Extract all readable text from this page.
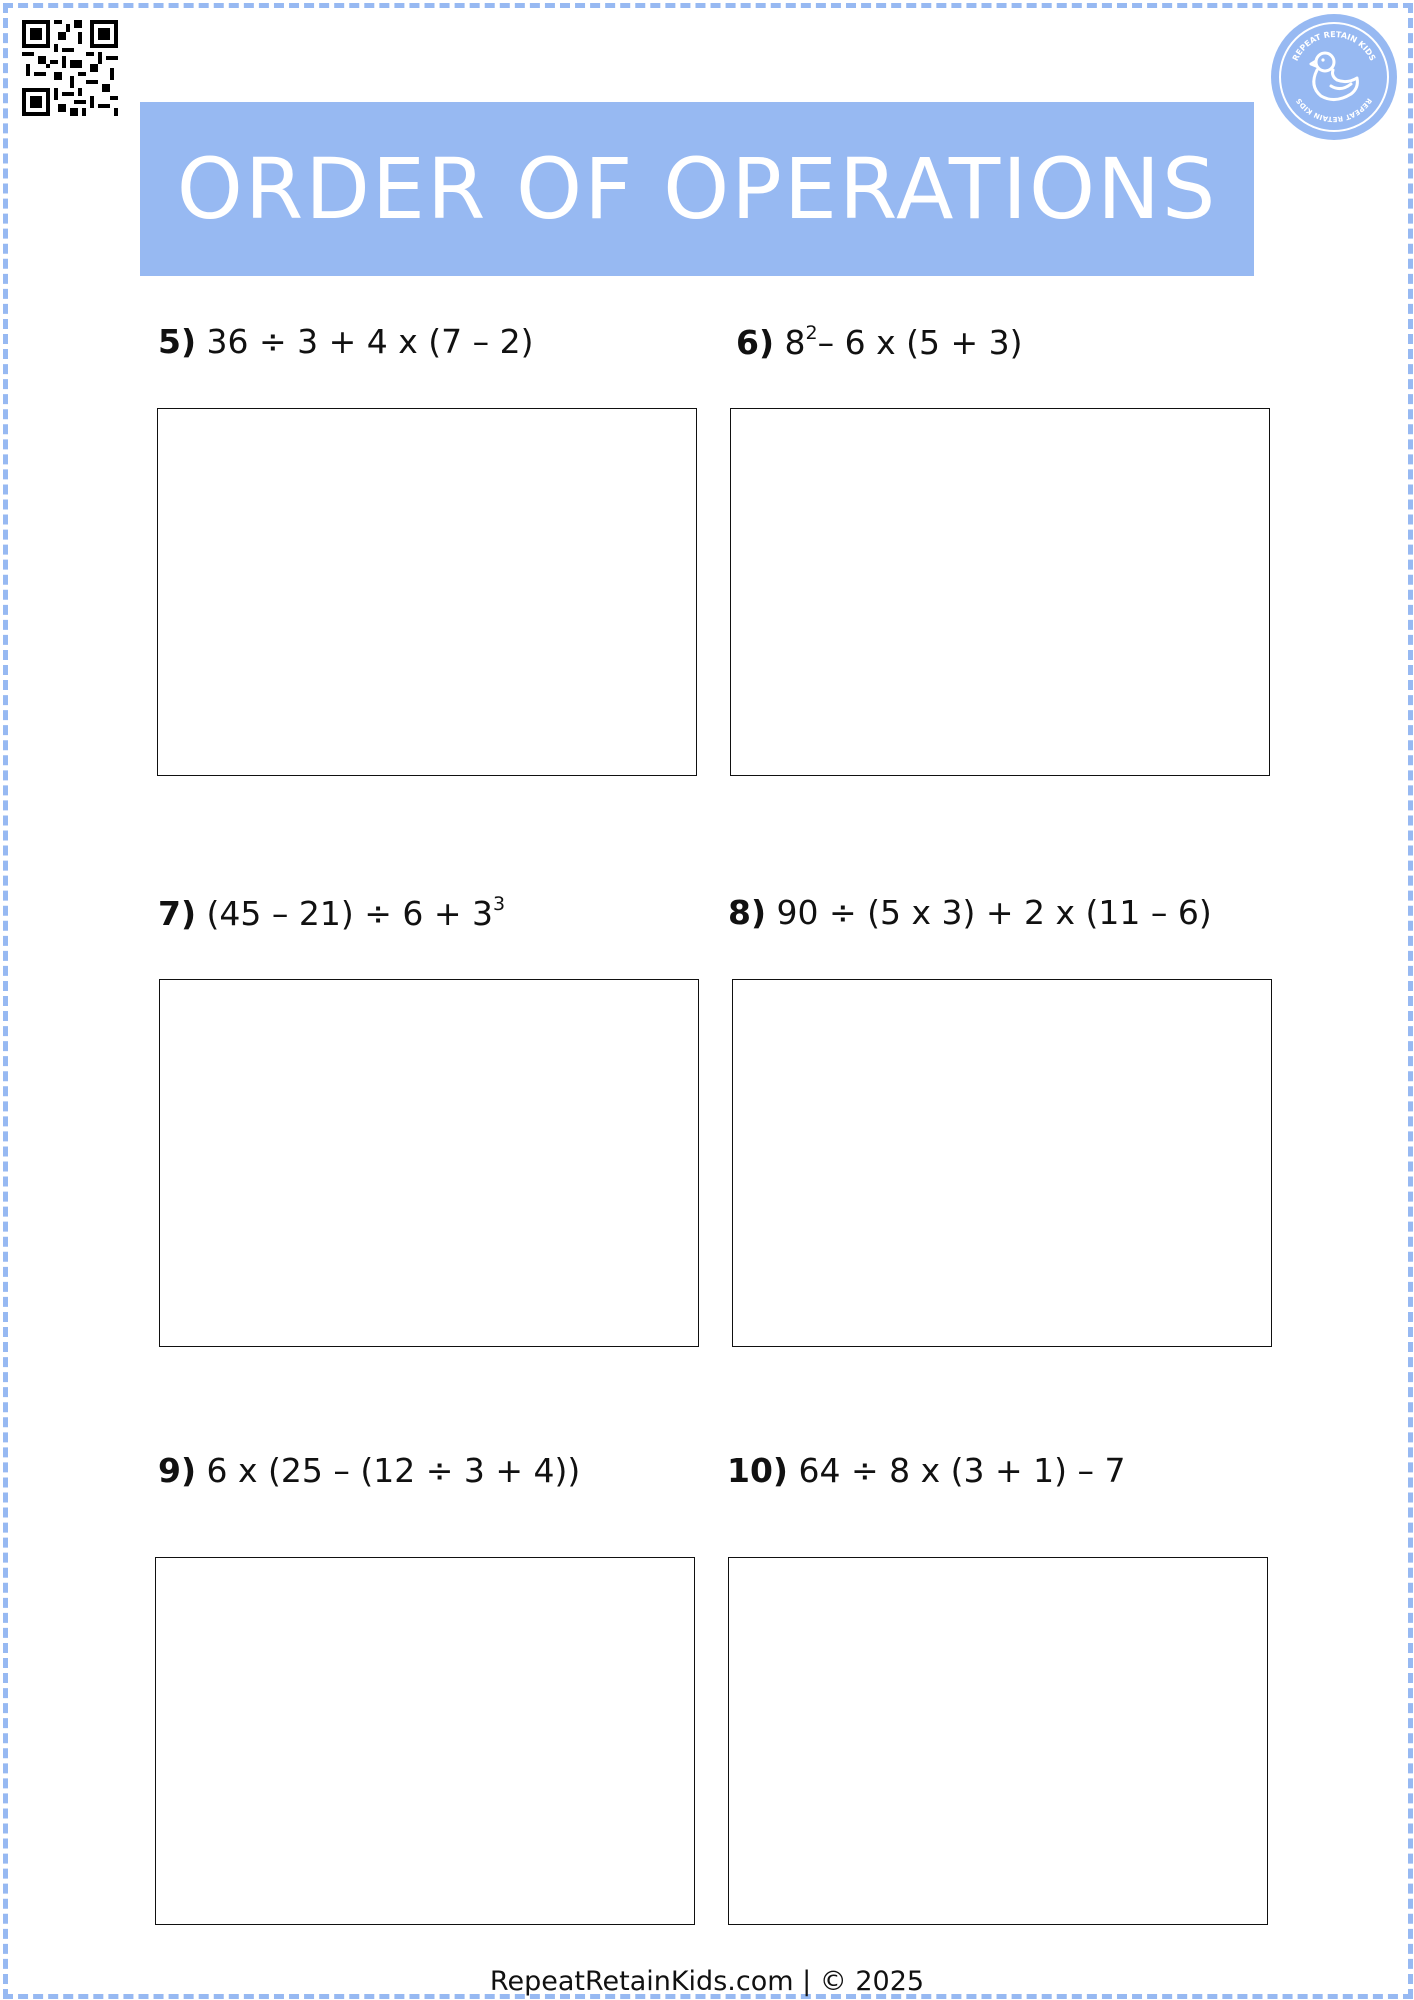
REPEAT RETAIN KIDS
REPEAT RETAIN KIDS
ORDER OF OPERATIONS
5) 36 ÷ 3 + 4 x (7 – 2)	6) $8^2-$ 6 x (5 + 3)
7) $(45 - 21) \div 6 + 3^3$	8) 90 ÷ (5 x 3) + 2 x (11 – 6)
9) 6 x (25 – (12 ÷ 3 + 4))	10) 64 ÷ 8 x (3 + 1) – 7
RepeatRetainKids.com | © 2025
